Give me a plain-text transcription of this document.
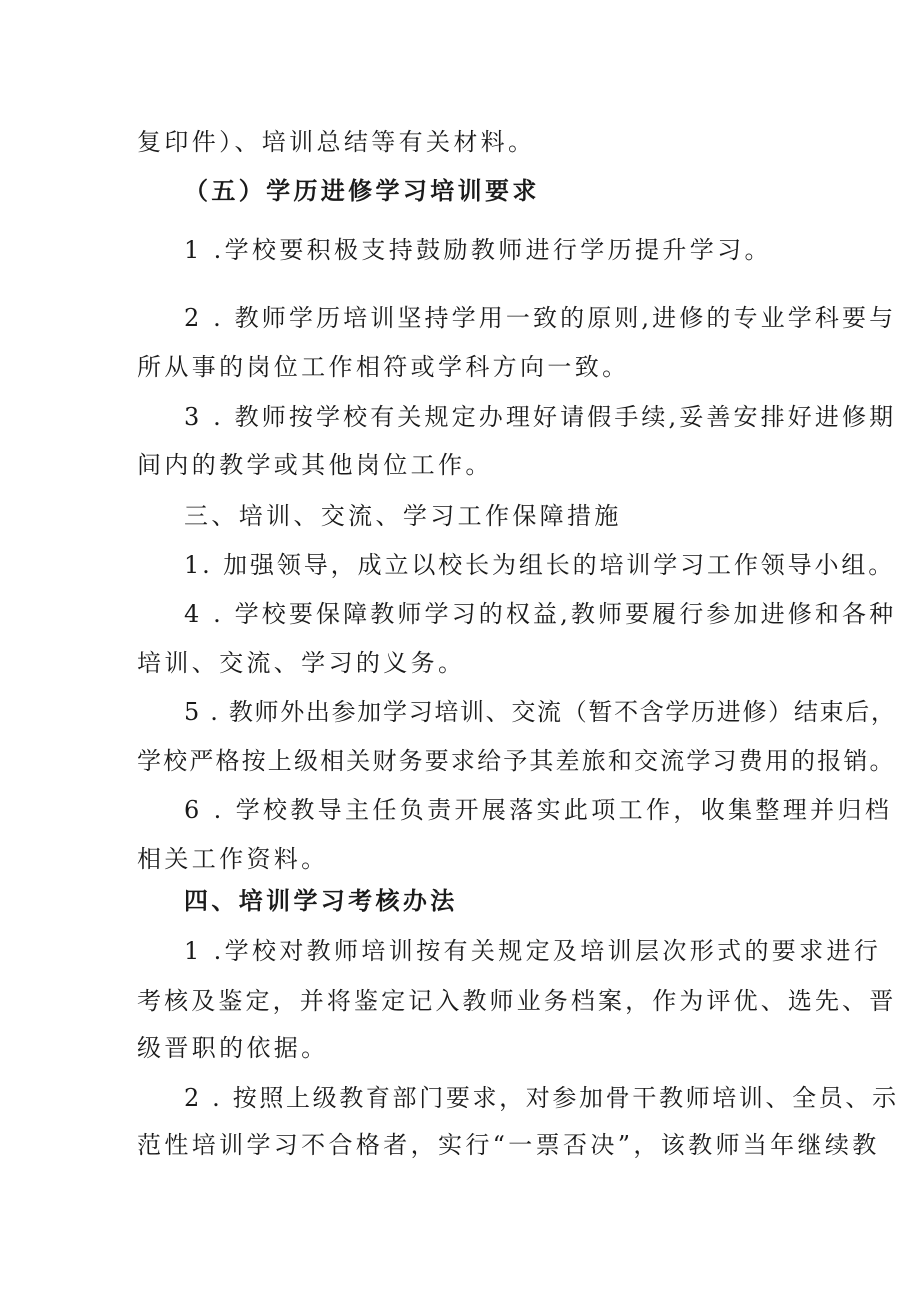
复印件）、培训总结等有关材料。
（五）学历进修学习培训要求
1 .学校要积极支持鼓励教师进行学历提升学习。
2 . 教师学历培训坚持学用一致的原则,进修的专业学科要与
所从事的岗位工作相符或学科方向一致。
3 . 教师按学校有关规定办理好请假手续,妥善安排好进修期
间内的教学或其他岗位工作。
三、培训、交流、学习工作保障措施
1. 加强领导，成立以校长为组长的培训学习工作领导小组。
4 . 学校要保障教师学习的权益,教师要履行参加进修和各种
培训、交流、学习的义务。
5 . 教师外出参加学习培训、交流（暂不含学历进修）结束后，
学校严格按上级相关财务要求给予其差旅和交流学习费用的报销。
6 . 学校教导主任负责开展落实此项工作，收集整理并归档
相关工作资料。
四、培训学习考核办法
1 .学校对教师培训按有关规定及培训层次形式的要求进行
考核及鉴定，并将鉴定记入教师业务档案，作为评优、选先、晋
级晋职的依据。
2 . 按照上级教育部门要求，对参加骨干教师培训、全员、示
范性培训学习不合格者，实行“一票否决”，该教师当年继续教
